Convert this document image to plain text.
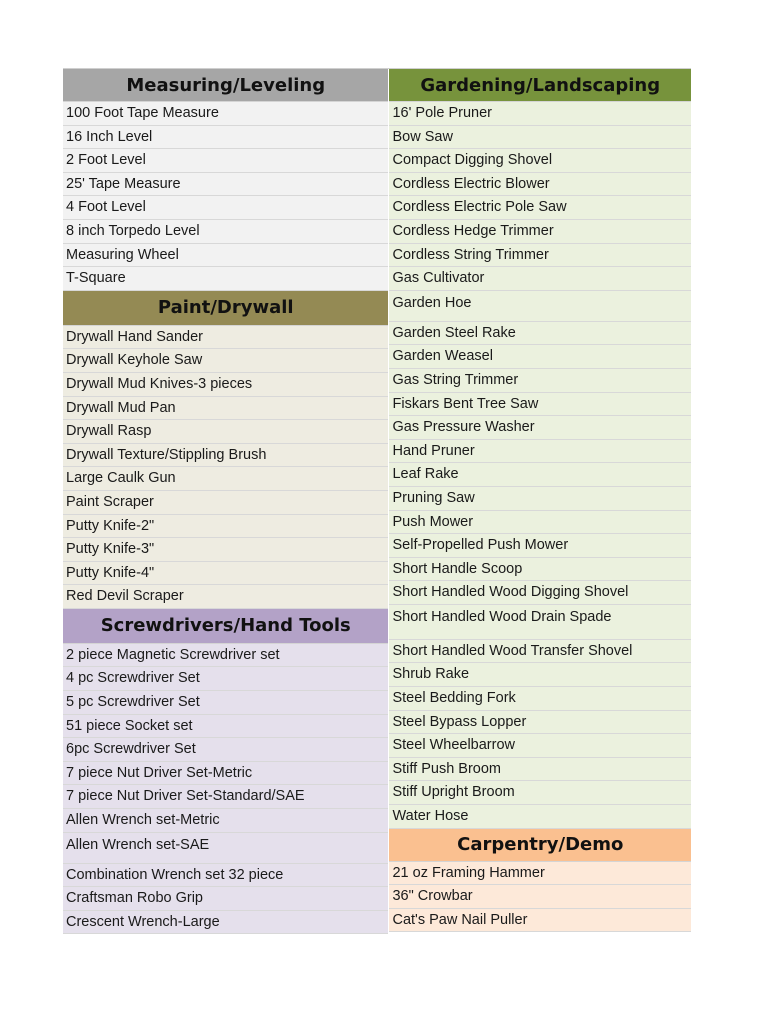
Measuring/Leveling
100 Foot Tape Measure
16 Inch Level
2 Foot Level
25' Tape Measure
4 Foot Level
8 inch Torpedo Level
Measuring Wheel
T-Square
Paint/Drywall
Drywall Hand Sander
Drywall Keyhole Saw
Drywall Mud Knives-3 pieces
Drywall Mud Pan
Drywall Rasp
Drywall Texture/Stippling Brush
Large Caulk Gun
Paint Scraper
Putty Knife-2"
Putty Knife-3"
Putty Knife-4"
Red Devil Scraper
Screwdrivers/Hand Tools
2 piece Magnetic Screwdriver set
4 pc Screwdriver Set
5 pc Screwdriver Set
51 piece Socket set
6pc Screwdriver Set
7 piece Nut Driver Set-Metric
7 piece Nut Driver Set-Standard/SAE
Allen Wrench set-Metric
Allen Wrench set-SAE
Combination Wrench set 32 piece
Craftsman Robo Grip
Crescent Wrench-Large
Gardening/Landscaping
16' Pole Pruner
Bow Saw
Compact Digging Shovel
Cordless Electric Blower
Cordless Electric Pole Saw
Cordless Hedge Trimmer
Cordless String Trimmer
Gas Cultivator
Garden Hoe
Garden Steel Rake
Garden Weasel
Gas String Trimmer
Fiskars Bent Tree Saw
Gas Pressure Washer
Hand Pruner
Leaf Rake
Pruning Saw
Push Mower
Self-Propelled Push Mower
Short Handle Scoop
Short Handled Wood Digging Shovel
Short Handled Wood Drain Spade
Short Handled Wood Transfer Shovel
Shrub Rake
Steel Bedding Fork
Steel Bypass Lopper
Steel Wheelbarrow
Stiff Push Broom
Stiff Upright Broom
Water Hose
Carpentry/Demo
21 oz Framing Hammer
36" Crowbar
Cat's Paw Nail Puller
